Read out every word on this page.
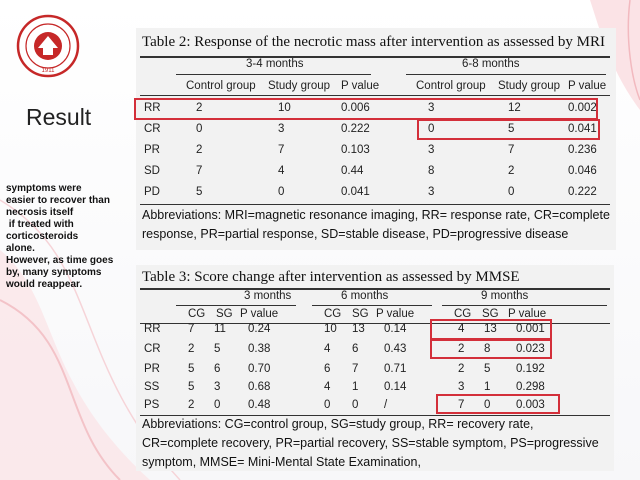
1911
Result
symptoms were
easier to recover than
necrosis itself
if treated with
corticosteroids
alone.
However, as time goes
by, many symptoms
would reappear.
Table 2: Response of the necrotic mass after intervention as assessed by MRI
3-4 months	6-8 months
Control group Study group P value	Control group Study group P value
RR	2	10	0.006	3	12	0.002
CR	0	3	0.222	0	5	0.041
PR	2	7	0.103	3	7	0.236
SD	7	4	0.44	8	2	0.046
PD	5	0	0.041	3	0	0.222
Abbreviations: MRI=magnetic resonance imaging, RR= response rate, CR=complete response, PR=partial response, SD=stable disease, PD=progressive disease
Table 3: Score change after intervention as assessed by MMSE
3 months	6 months	9 months
CG SG P value	CG SG P value	CG SG P value
RR 7 11 0.24	10 13 0.14	4 13 0.001
CR 2 5 0.38	4 6 0.43	2 8 0.023
PR 5 6 0.70	6 7 0.71	2 5 0.192
SS 5 3 0.68	4 1 0.14	3 1 0.298
PS 2 0 0.48	0 0 /	7 0 0.003
Abbreviations: CG=control group, SG=study group, RR= recovery rate, CR=complete recovery, PR=partial recovery, SS=stable symptom, PS=progressive symptom, MMSE= Mini-Mental State Examination,
